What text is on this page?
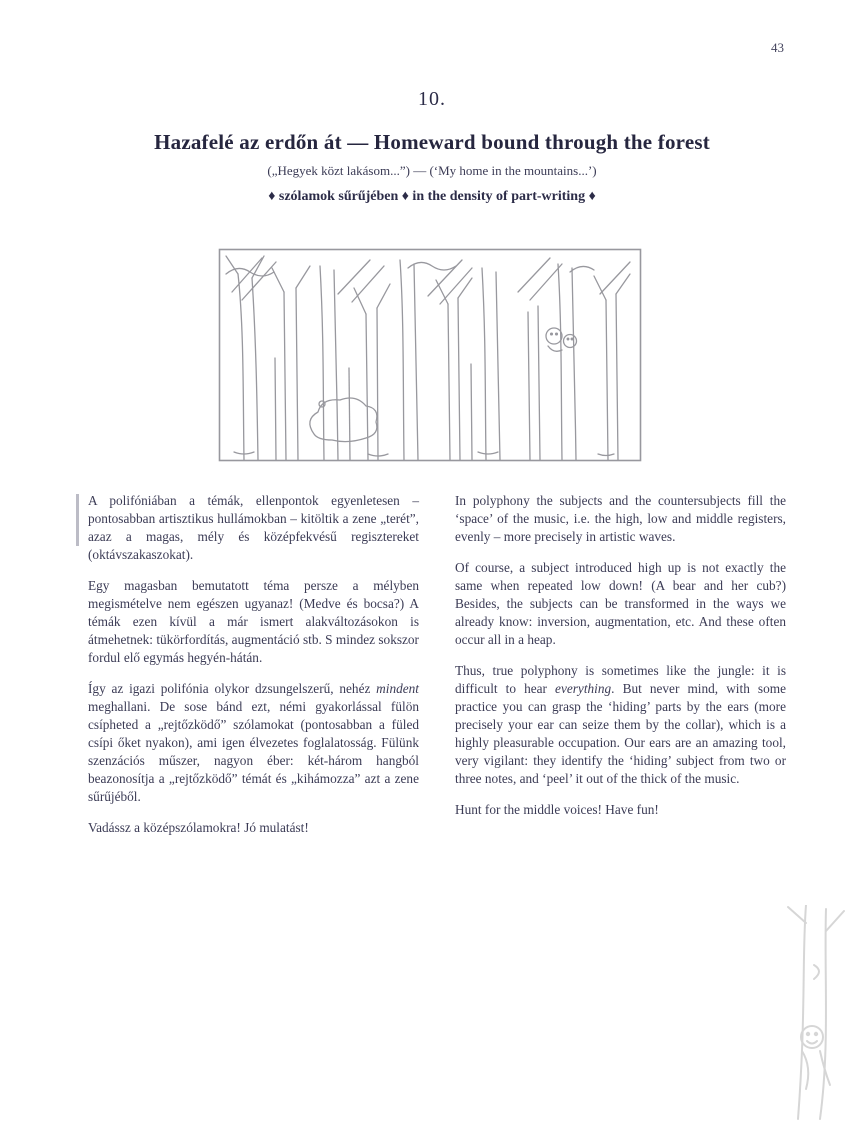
43
10.
Hazafelé az erdőn át — Homeward bound through the forest
(„Hegyek közt lakásom...”) — (‘My home in the mountains...’)
♦ szólamok sűrűjében ♦ in the density of part-writing ♦

A polifóniában a témák, ellenpontok egyenletesen – pontosabban artisztikus hullámokban – kitöltik a zene „terét”, azaz a magas, mély és középfekvésű regisztereket (oktávszakaszokat).

Egy magasban bemutatott téma persze a mélyben megismételve nem egészen ugyanaz! (Medve és bocsa?) A témák ezen kívül a már ismert alakváltozásokon is átmehetnek: tükörfordítás, augmentáció stb. S mindez sokszor fordul elő egymás hegyén-hátán.

Így az igazi polifónia olykor dzsungelszerű, nehéz mindent meghallani. De sose bánd ezt, némi gyakorlással fülön csípheted a „rejtőzködő” szólamokat (pontosabban a füled csípi őket nyakon), ami igen élvezetes foglalatosság. Fülünk szenzációs műszer, nagyon éber: két-három hangból beazonosítja a „rejtőzködő” témát és „kihámozza” azt a zene sűrűjéből.

Vadássz a középszólamokra! Jó mulatást!

In polyphony the subjects and the countersubjects fill the ‘space’ of the music, i.e. the high, low and middle registers, evenly – more precisely in artistic waves.

Of course, a subject introduced high up is not exactly the same when repeated low down! (A bear and her cub?) Besides, the subjects can be transformed in the ways we already know: inversion, augmentation, etc. And these often occur all in a heap.

Thus, true polyphony is sometimes like the jungle: it is difficult to hear everything. But never mind, with some practice you can grasp the ‘hiding’ parts by the ears (more precisely your ear can seize them by the collar), which is a highly pleasurable occupation. Our ears are an amazing tool, very vigilant: they identify the ‘hiding’ subject from two or three notes, and ‘peel’ it out of the thick of the music.

Hunt for the middle voices! Have fun!
